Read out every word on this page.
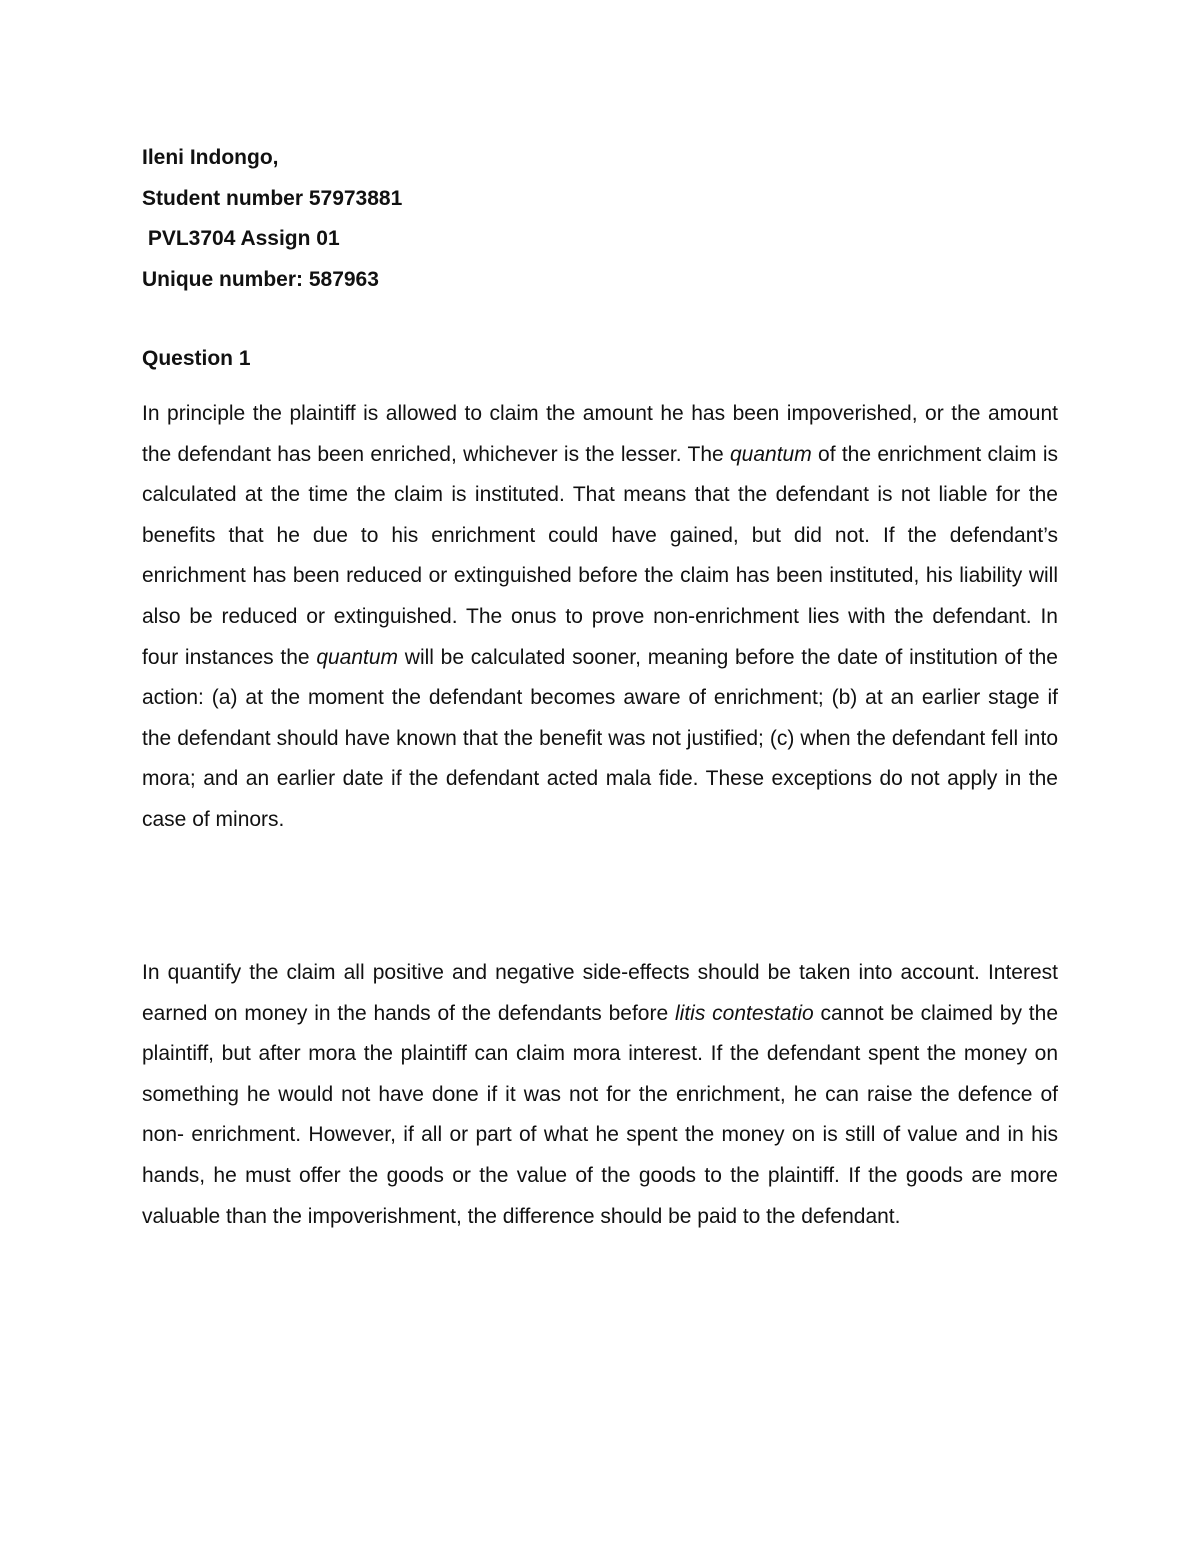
Ileni Indongo,

Student number 57973881

PVL3704 Assign 01

Unique number: 587963

Question 1

In principle the plaintiff is allowed to claim the amount he has been impoverished, or the amount the defendant has been enriched, whichever is the lesser. The quantum of the enrichment claim is calculated at the time the claim is instituted. That means that the defendant is not liable for the benefits that he due to his enrichment could have gained, but did not. If the defendant’s enrichment has been reduced or extinguished before the claim has been instituted, his liability will also be reduced or extinguished. The onus to prove non-enrichment lies with the defendant. In four instances the quantum will be calculated sooner, meaning before the date of institution of the action: (a) at the moment the defendant becomes aware of enrichment; (b) at an earlier stage if the defendant should have known that the benefit was not justified; (c) when the defendant fell into mora; and an earlier date if the defendant acted mala fide. These exceptions do not apply in the case of minors.

In quantify the claim all positive and negative side-effects should be taken into account. Interest earned on money in the hands of the defendants before litis contestatio cannot be claimed by the plaintiff, but after mora the plaintiff can claim mora interest. If the defendant spent the money on something he would not have done if it was not for the enrichment, he can raise the defence of non- enrichment. However, if all or part of what he spent the money on is still of value and in his hands, he must offer the goods or the value of the goods to the plaintiff. If the goods are more valuable than the impoverishment, the difference should be paid to the defendant.
